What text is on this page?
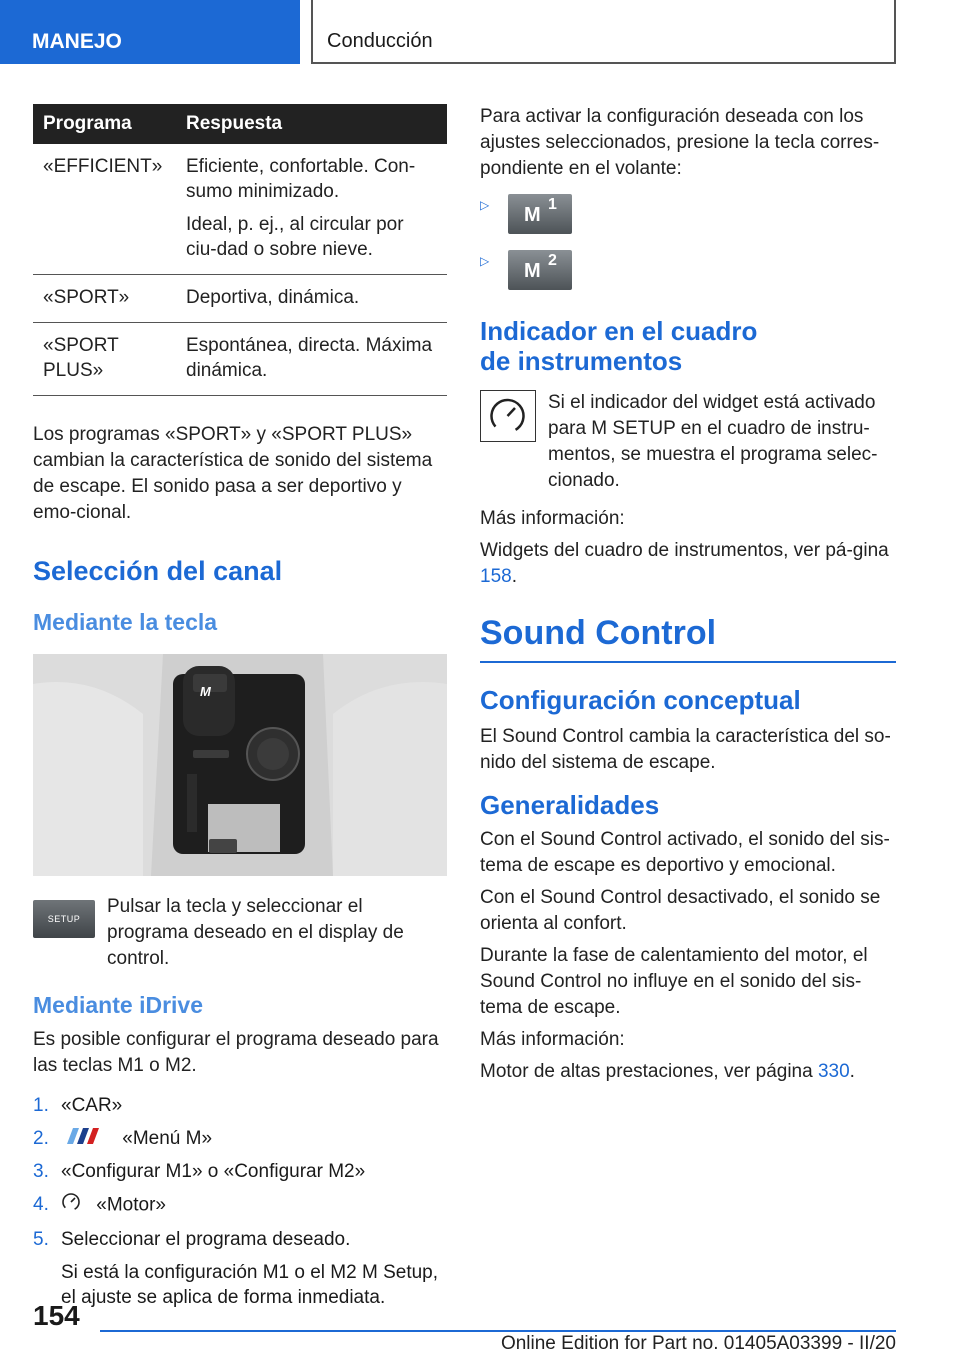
MANEJO	Conducción
Programa	Respuesta
«EFFICIENT»	Eficiente, confortable. Con-sumo minimizado.

Ideal, p. ej., al circular por ciu-dad o sobre nieve.

«SPORT»	Deportiva, dinámica.

«SPORT PLUS»	Espontánea, directa. Máxima dinámica.

Los programas «SPORT» y «SPORT PLUS» cambian la característica de sonido del sistema de escape. El sonido pasa a ser deportivo y emo-cional.

Selección del canal
Mediante la tecla
M
SETUP

Pulsar la tecla y seleccionar el programa deseado en el display de control.

Mediante iDrive

Es posible configurar el programa deseado para las teclas M1 o M2.

1. «CAR»
2.	«Menú M»
3. «Configurar M1» o «Configurar M2»
4. «Motor»
5. Seleccionar el programa deseado.

Si está la configuración M1 o el M2 M Setup, el ajuste se aplica de forma inmediata.

Para activar la configuración deseada con los ajustes seleccionados, presione la tecla corres-pondiente en el volante:

▷ M 1
▷ M 2
Indicador en el cuadro de instrumentos

Si el indicador del widget está activado para M SETUP en el cuadro de instru-mentos, se muestra el programa selec-cionado.

Más información:

Widgets del cuadro de instrumentos, ver pá-gina 158.

Sound Control
Configuración conceptual

El Sound Control cambia la característica del so-nido del sistema de escape.

Generalidades

Con el Sound Control activado, el sonido del sis-tema de escape es deportivo y emocional.

Con el Sound Control desactivado, el sonido se orienta al confort.

Durante la fase de calentamiento del motor, el Sound Control no influye en el sonido del sis-tema de escape.

Más información:

Motor de altas prestaciones, ver página 330.

154
Online Edition for Part no. 01405A03399 - II/20
